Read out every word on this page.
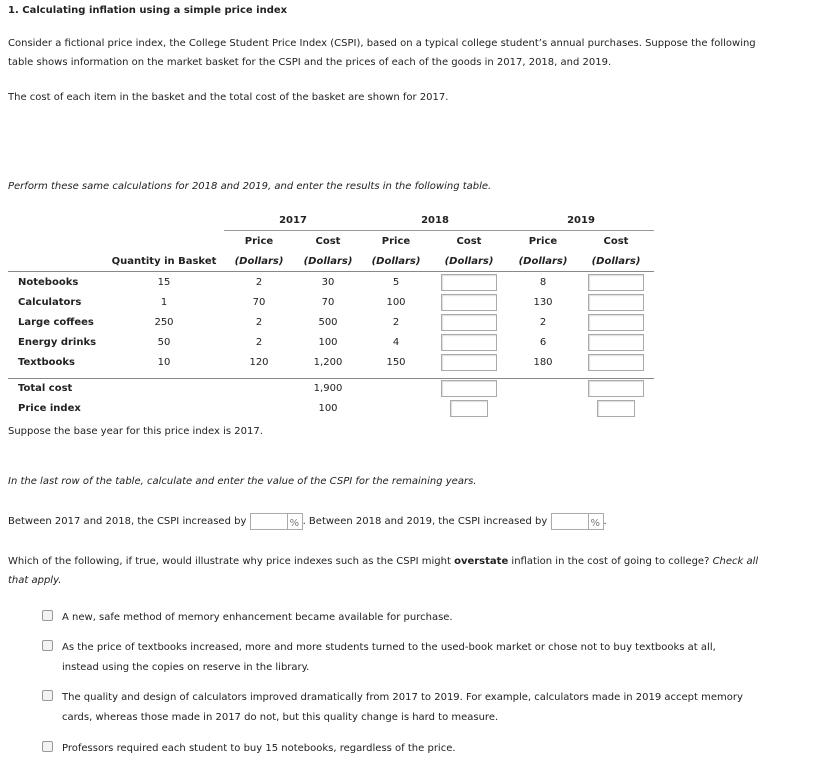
1. Calculating inflation using a simple price index
Consider a fictional price index, the College Student Price Index (CSPI), based on a typical college student’s annual purchases. Suppose the following
table shows information on the market basket for the CSPI and the prices of each of the goods in 2017, 2018, and 2019.
The cost of each item in the basket and the total cost of the basket are shown for 2017.
Perform these same calculations for 2018 and 2019, and enter the results in the following table.
		2017		2018		2019	
		Price	Cost	Price	Cost	Price	Cost
	Quantity in Basket	(Dollars)	(Dollars)	(Dollars)	(Dollars)	(Dollars)	(Dollars)
Notebooks	15	2	30	5		8	
Calculators	1	70	70	100		130	
Large coffees	250	2	500	2		2	
Energy drinks	50	2	100	4		6	
Textbooks	10	120	1,200	150		180	

Total cost			1,900				
Price index			100				
Suppose the base year for this price index is 2017.
In the last row of the table, calculate and enter the value of the CSPI for the remaining years.
Between 2017 and 2018, the CSPI increased by	% . Between 2018 and 2019, the CSPI increased by	% .
Which of the following, if true, would illustrate why price indexes such as the CSPI might overstate inflation in the cost of going to college? Check all
that apply.
A new, safe method of memory enhancement became available for purchase.
As the price of textbooks increased, more and more students turned to the used-book market or chose not to buy textbooks at all,
instead using the copies on reserve in the library.
The quality and design of calculators improved dramatically from 2017 to 2019. For example, calculators made in 2019 accept memory
cards, whereas those made in 2017 do not, but this quality change is hard to measure.
Professors required each student to buy 15 notebooks, regardless of the price.
